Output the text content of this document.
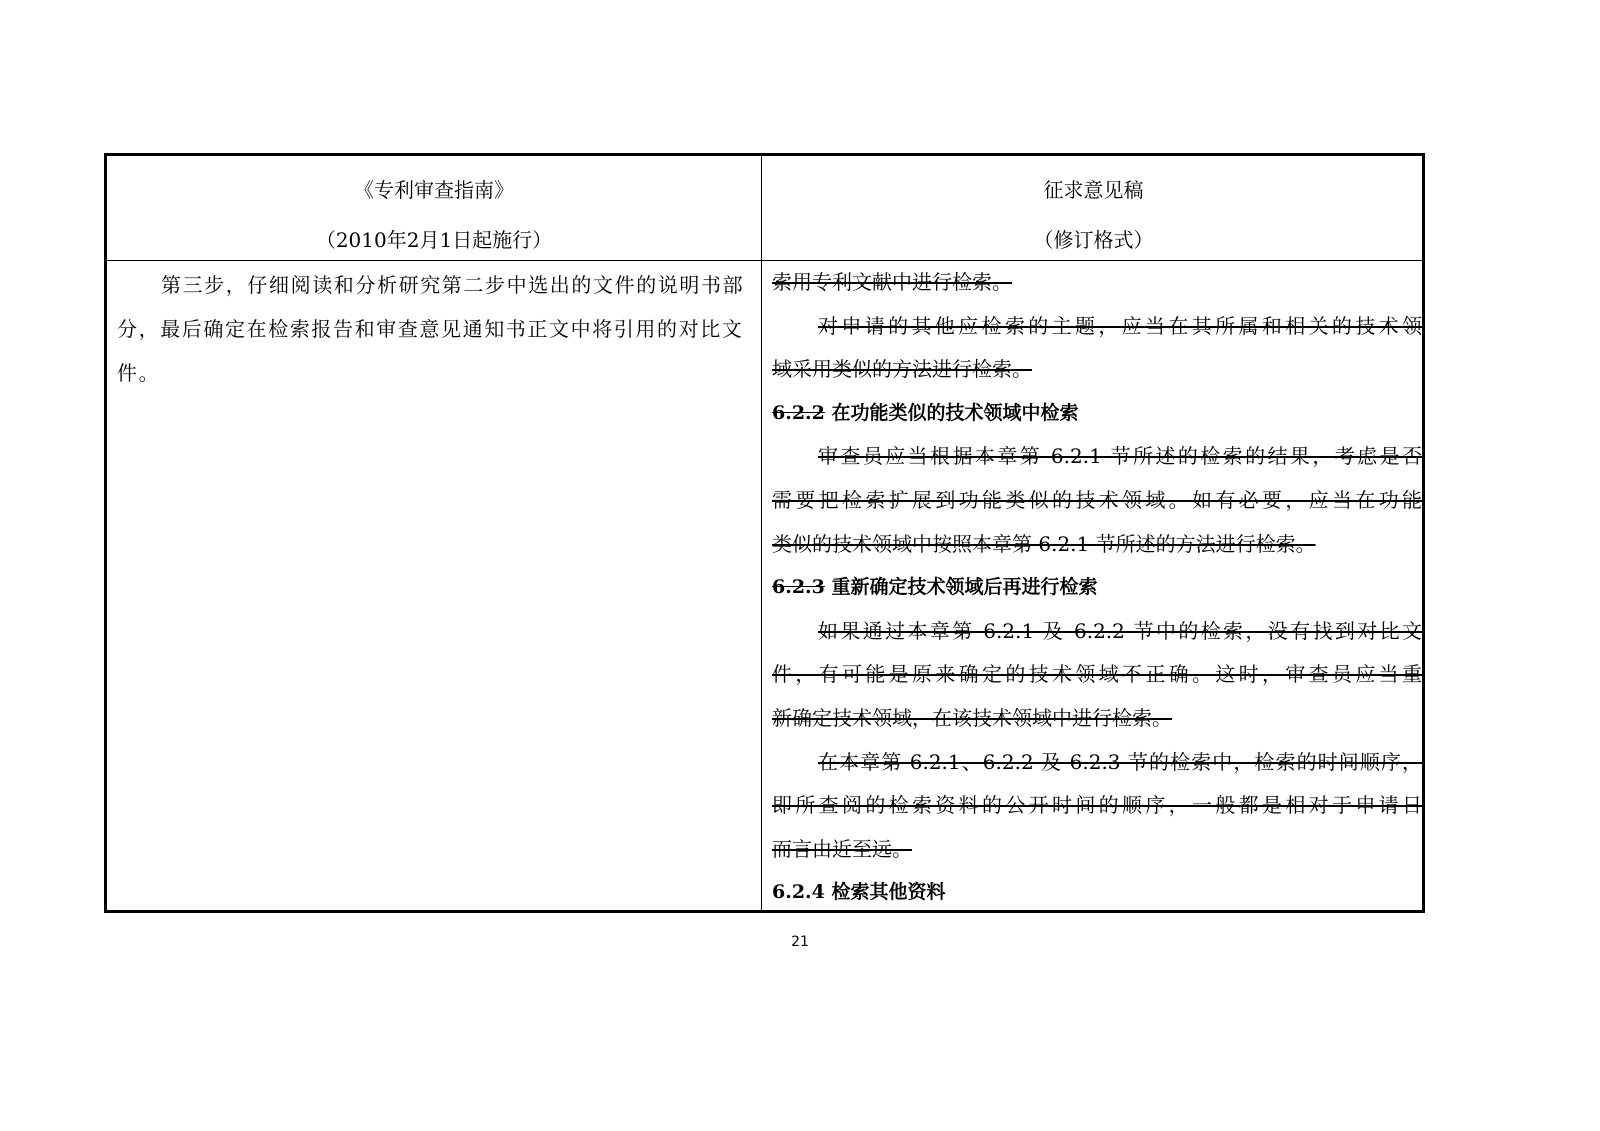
《专利审查指南》
（2010年2月1日起施行）
征求意见稿
（修订格式）

第三步，仔细阅读和分析研究第二步中选出的文件的说明书部分，最后确定在检索报告和审查意见通知书正文中将引用的对比文件。

索用专利文献中进行检索。
对申请的其他应检索的主题，应当在其所属和相关的技术领
域采用类似的方法进行检索。
6.2.2 在功能类似的技术领域中检索
审查员应当根据本章第 6.2.1 节所述的检索的结果，考虑是否
需要把检索扩展到功能类似的技术领域。如有必要，应当在功能
类似的技术领域中按照本章第 6.2.1 节所述的方法进行检索。
6.2.3 重新确定技术领域后再进行检索
如果通过本章第 6.2.1 及 6.2.2 节中的检索，没有找到对比文
件，有可能是原来确定的技术领域不正确。这时，审查员应当重
新确定技术领域，在该技术领域中进行检索。
在本章第 6.2.1、6.2.2 及 6.2.3 节的检索中，检索的时间顺序，
即所查阅的检索资料的公开时间的顺序，一般都是相对于申请日
而言由近至远。
6.2.4 检索其他资料
21
